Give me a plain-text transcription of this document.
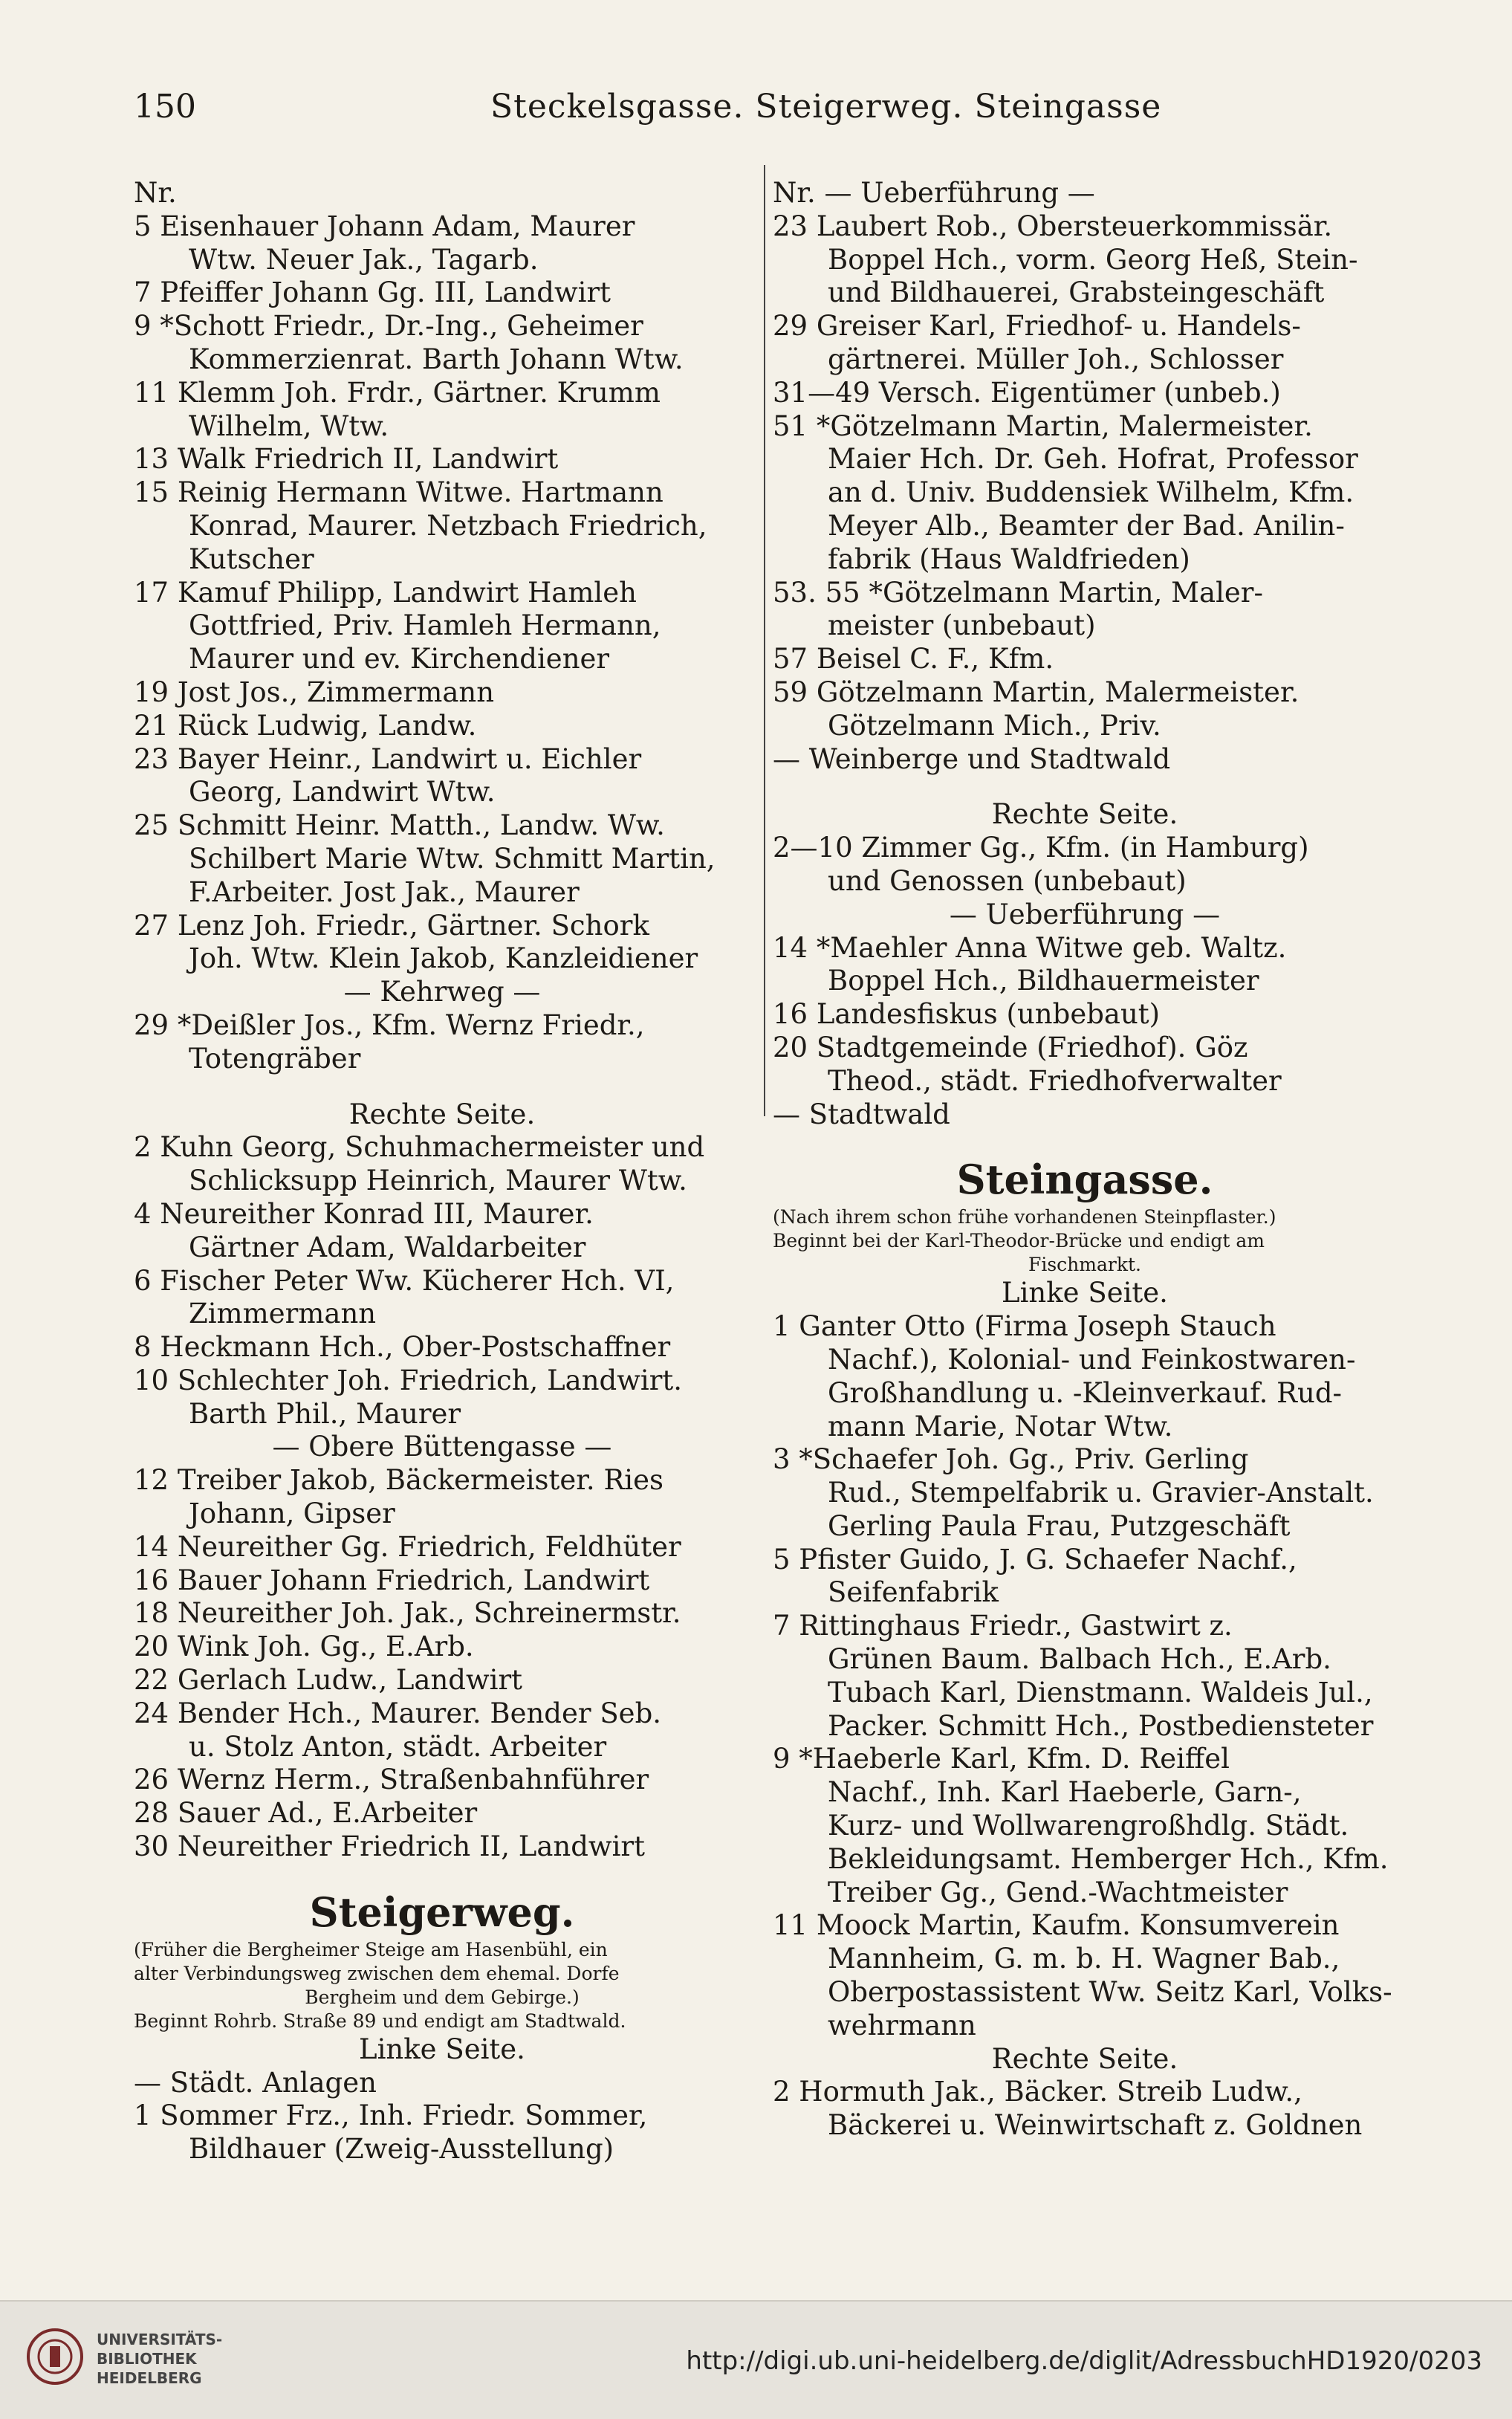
150	Steckelsgasse. Steigerweg. Steingasse
Nr.
5 Eisenhauer Johann Adam, Maurer
Wtw. Neuer Jak., Tagarb.
7 Pfeiffer Johann Gg. III, Landwirt
9 *Schott Friedr., Dr.-Ing., Geheimer
Kommerzienrat. Barth Johann Wtw.
11 Klemm Joh. Frdr., Gärtner. Krumm
Wilhelm, Wtw.
13 Walk Friedrich II, Landwirt
15 Reinig Hermann Witwe. Hartmann
Konrad, Maurer. Netzbach Friedrich,
Kutscher
17 Kamuf Philipp, Landwirt Hamleh
Gottfried, Priv. Hamleh Hermann,
Maurer und ev. Kirchendiener
19 Jost Jos., Zimmermann
21 Rück Ludwig, Landw.
23 Bayer Heinr., Landwirt u. Eichler
Georg, Landwirt Wtw.
25 Schmitt Heinr. Matth., Landw. Ww.
Schilbert Marie Wtw. Schmitt Martin,
F.Arbeiter. Jost Jak., Maurer
27 Lenz Joh. Friedr., Gärtner. Schork
Joh. Wtw. Klein Jakob, Kanzleidiener
— Kehrweg —
29 *Deißler Jos., Kfm. Wernz Friedr.,
Totengräber
Rechte Seite.
2 Kuhn Georg, Schuhmachermeister und
Schlicksupp Heinrich, Maurer Wtw.
4 Neureither Konrad III, Maurer.
Gärtner Adam, Waldarbeiter
6 Fischer Peter Ww. Kücherer Hch. VI,
Zimmermann
8 Heckmann Hch., Ober-Postschaffner
10 Schlechter Joh. Friedrich, Landwirt.
Barth Phil., Maurer
— Obere Büttengasse —
12 Treiber Jakob, Bäckermeister. Ries
Johann, Gipser
14 Neureither Gg. Friedrich, Feldhüter
16 Bauer Johann Friedrich, Landwirt
18 Neureither Joh. Jak., Schreinermstr.
20 Wink Joh. Gg., E.Arb.
22 Gerlach Ludw., Landwirt
24 Bender Hch., Maurer. Bender Seb.
u. Stolz Anton, städt. Arbeiter
26 Wernz Herm., Straßenbahnführer
28 Sauer Ad., E.Arbeiter
30 Neureither Friedrich II, Landwirt
Steigerweg.
(Früher die Bergheimer Steige am Hasenbühl, ein
alter Verbindungsweg zwischen dem ehemal. Dorfe
Bergheim und dem Gebirge.)
Beginnt Rohrb. Straße 89 und endigt am Stadtwald.
Linke Seite.
— Städt. Anlagen
1 Sommer Frz., Inh. Friedr. Sommer,
Bildhauer (Zweig-Ausstellung)
Nr. — Ueberführung —
23 Laubert Rob., Obersteuerkommissär.
Boppel Hch., vorm. Georg Heß, Stein-
und Bildhauerei, Grabsteingeschäft
29 Greiser Karl, Friedhof- u. Handels-
gärtnerei. Müller Joh., Schlosser
31—49 Versch. Eigentümer (unbeb.)
51 *Götzelmann Martin, Malermeister.
Maier Hch. Dr. Geh. Hofrat, Professor
an d. Univ. Buddensiek Wilhelm, Kfm.
Meyer Alb., Beamter der Bad. Anilin-
fabrik (Haus Waldfrieden)
53. 55 *Götzelmann Martin, Maler-
meister (unbebaut)
57 Beisel C. F., Kfm.
59 Götzelmann Martin, Malermeister.
Götzelmann Mich., Priv.
— Weinberge und Stadtwald
Rechte Seite.
2—10 Zimmer Gg., Kfm. (in Hamburg)
und Genossen (unbebaut)
— Ueberführung —
14 *Maehler Anna Witwe geb. Waltz.
Boppel Hch., Bildhauermeister
16 Landesfiskus (unbebaut)
20 Stadtgemeinde (Friedhof). Göz
Theod., städt. Friedhofverwalter
— Stadtwald
Steingasse.
(Nach ihrem schon frühe vorhandenen Steinpflaster.)
Beginnt bei der Karl-Theodor-Brücke und endigt am
Fischmarkt.
Linke Seite.
1 Ganter Otto (Firma Joseph Stauch
Nachf.), Kolonial- und Feinkostwaren-
Großhandlung u. -Kleinverkauf. Rud-
mann Marie, Notar Wtw.
3 *Schaefer Joh. Gg., Priv. Gerling
Rud., Stempelfabrik u. Gravier-Anstalt.
Gerling Paula Frau, Putzgeschäft
5 Pfister Guido, J. G. Schaefer Nachf.,
Seifenfabrik
7 Rittinghaus Friedr., Gastwirt z.
Grünen Baum. Balbach Hch., E.Arb.
Tubach Karl, Dienstmann. Waldeis Jul.,
Packer. Schmitt Hch., Postbediensteter
9 *Haeberle Karl, Kfm. D. Reiffel
Nachf., Inh. Karl Haeberle, Garn-,
Kurz- und Wollwarengroßhdlg. Städt.
Bekleidungsamt. Hemberger Hch., Kfm.
Treiber Gg., Gend.-Wachtmeister
11 Moock Martin, Kaufm. Konsumverein
Mannheim, G. m. b. H. Wagner Bab.,
Oberpostassistent Ww. Seitz Karl, Volks-
wehrmann
Rechte Seite.
2 Hormuth Jak., Bäcker. Streib Ludw.,
Bäckerei u. Weinwirtschaft z. Goldnen
UNIVERSITÄTS-
BIBLIOTHEK
HEIDELBERG
http://digi.ub.uni-heidelberg.de/diglit/AdressbuchHD1920/0203
